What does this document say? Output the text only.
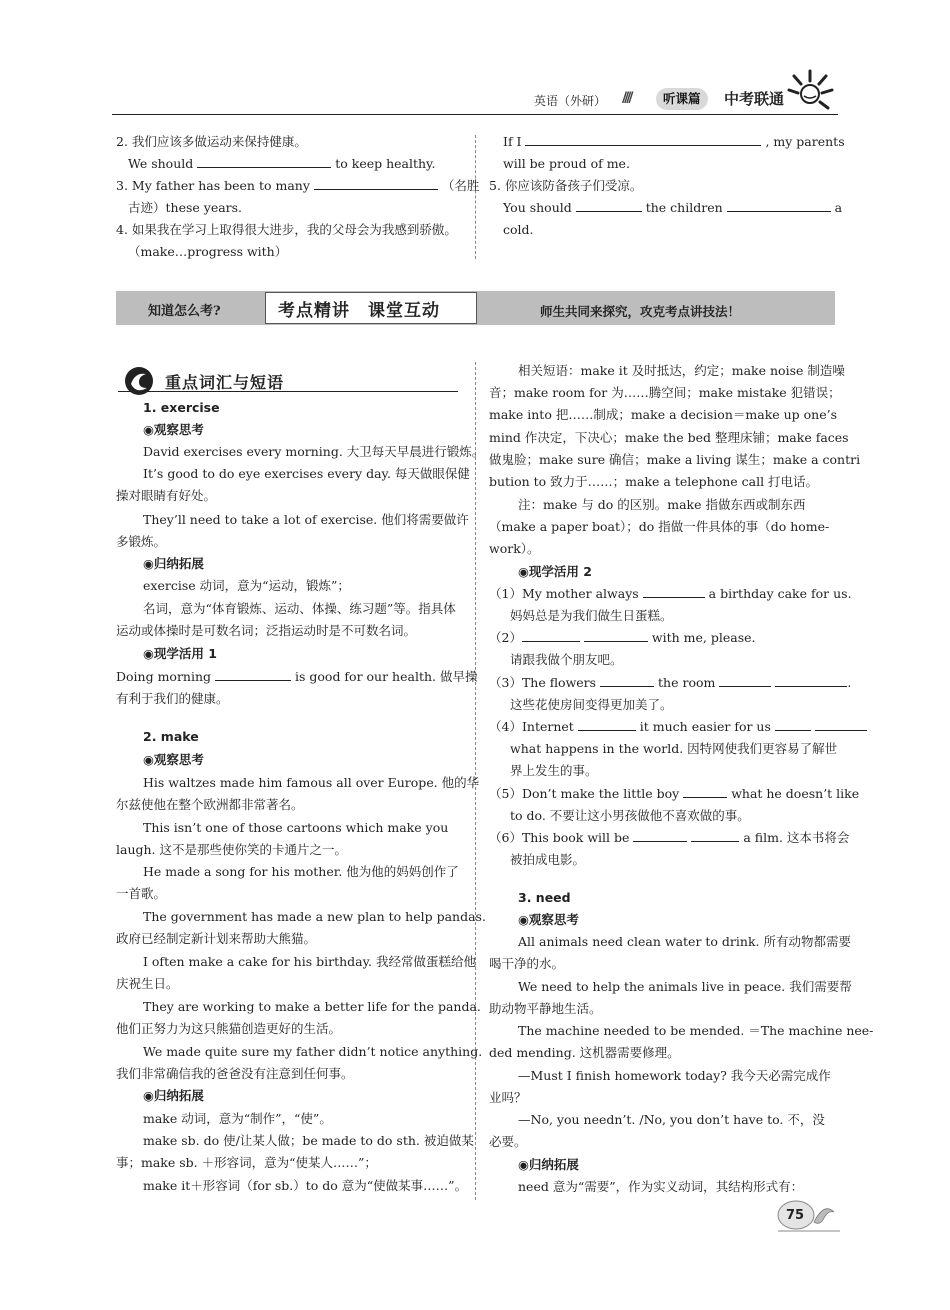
英语（外研） ////	听课篇	中考联通
2. 我们应该多做运动来保持健康。
We should	to keep healthy.
3. My father has been to many	（名胜
古迹）these years.
4. 如果我在学习上取得很大进步，我的父母会为我感到骄傲。
（make…progress with）
If I	, my parents
will be proud of me.
5. 你应该防备孩子们受凉。
You should	the children	a
cold.
知道怎么考?	考点精讲　课堂互动	师生共同来探究，攻克考点讲技法！
重点词汇与短语
1. exercise
◉观察思考
David exercises every morning. 大卫每天早晨进行锻炼。
It’s good to do eye exercises every day. 每天做眼保健
操对眼睛有好处。
They’ll need to take a lot of exercise. 他们将需要做许
多锻炼。
◉归纳拓展
exercise 动词，意为“运动，锻炼”；
名词，意为“体育锻炼、运动、体操、练习题”等。指具体
运动或体操时是可数名词；泛指运动时是不可数名词。
◉现学活用 1
Doing morning	is good for our health. 做早操
有利于我们的健康。
2. make
◉观察思考
His waltzes made him famous all over Europe. 他的华
尔兹使他在整个欧洲都非常著名。
This isn’t one of those cartoons which make you
laugh. 这不是那些使你笑的卡通片之一。
He made a song for his mother. 他为他的妈妈创作了
一首歌。
The government has made a new plan to help pandas.
政府已经制定新计划来帮助大熊猫。
I often make a cake for his birthday. 我经常做蛋糕给他
庆祝生日。
They are working to make a better life for the panda.
他们正努力为这只熊猫创造更好的生活。
We made quite sure my father didn’t notice anything.
我们非常确信我的爸爸没有注意到任何事。
◉归纳拓展
make 动词，意为“制作”，“使”。
make sb. do 使/让某人做；be made to do sth. 被迫做某
事；make sb. ＋形容词，意为“使某人……”；
make it＋形容词（for sb.）to do 意为“使做某事……”。
相关短语：make it 及时抵达，约定；make noise 制造噪
音；make room for 为……腾空间；make mistake 犯错误；
make into 把……制成；make a decision＝make up one’s
mind 作决定，下决心；make the bed 整理床铺；make faces
做鬼脸；make sure 确信；make a living 谋生；make a contri
bution to 致力于……；make a telephone call 打电话。
注：make 与 do 的区别。make 指做东西或制东西
（make a paper boat）；do 指做一件具体的事（do home-
work）。
◉现学活用 2
（1）My mother always	a birthday cake for us.
妈妈总是为我们做生日蛋糕。
（2）	with me, please.
请跟我做个朋友吧。
（3）The flowers	the room	.
这些花使房间变得更加美了。
（4）Internet	it much easier for us
what happens in the world. 因特网使我们更容易了解世
界上发生的事。
（5）Don’t make the little boy	what he doesn’t like
to do. 不要让这小男孩做他不喜欢做的事。
（6）This book will be	a film. 这本书将会
被拍成电影。
3. need
◉观察思考
All animals need clean water to drink. 所有动物都需要
喝干净的水。
We need to help the animals live in peace. 我们需要帮
助动物平静地生活。
The machine needed to be mended. ＝The machine nee-
ded mending. 这机器需要修理。
—Must I finish homework today? 我今天必需完成作
业吗？
—No, you needn’t. /No, you don’t have to. 不，没
必要。
◉归纳拓展
need 意为“需要”，作为实义动词，其结构形式有：
75
